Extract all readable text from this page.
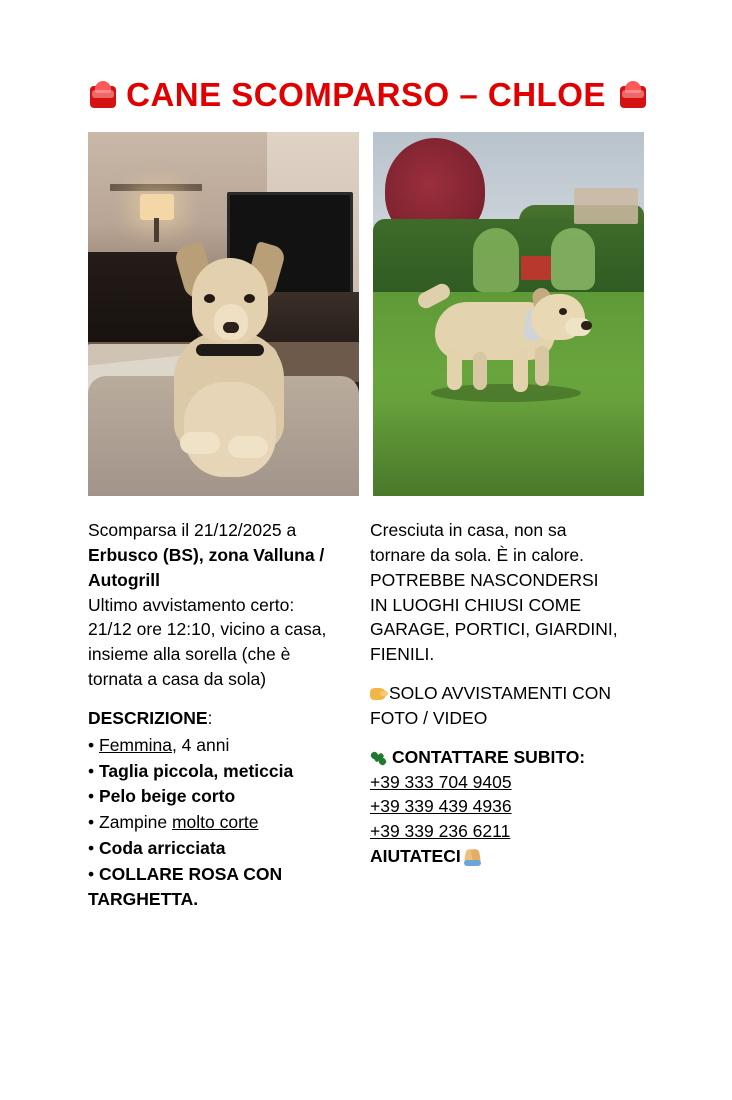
CANE SCOMPARSO – CHLOE

Scomparsa il 21/12/2025 a

Erbusco (BS), zona Valluna / Autogrill

Ultimo avvistamento certo: 21/12 ore 12:10, vicino a casa, insieme alla sorella (che è tornata a casa da sola)

DESCRIZIONE:

• Femmina, 4 anni
• Taglia piccola, meticcia
• Pelo beige corto
• Zampine molto corte
• Coda arricciata
• COLLARE ROSA CON TARGHETTA.

Cresciuta in casa, non sa tornare da sola. È in calore. POTREBBE NASCONDERSI IN LUOGHI CHIUSI COME GARAGE, PORTICI, GIARDINI, FIENILI.

SOLO AVVISTAMENTI CON FOTO / VIDEO

CONTATTARE SUBITO:

+39 333 704 9405
+39 339 439 4936
+39 339 236 6211

AIUTATECI
